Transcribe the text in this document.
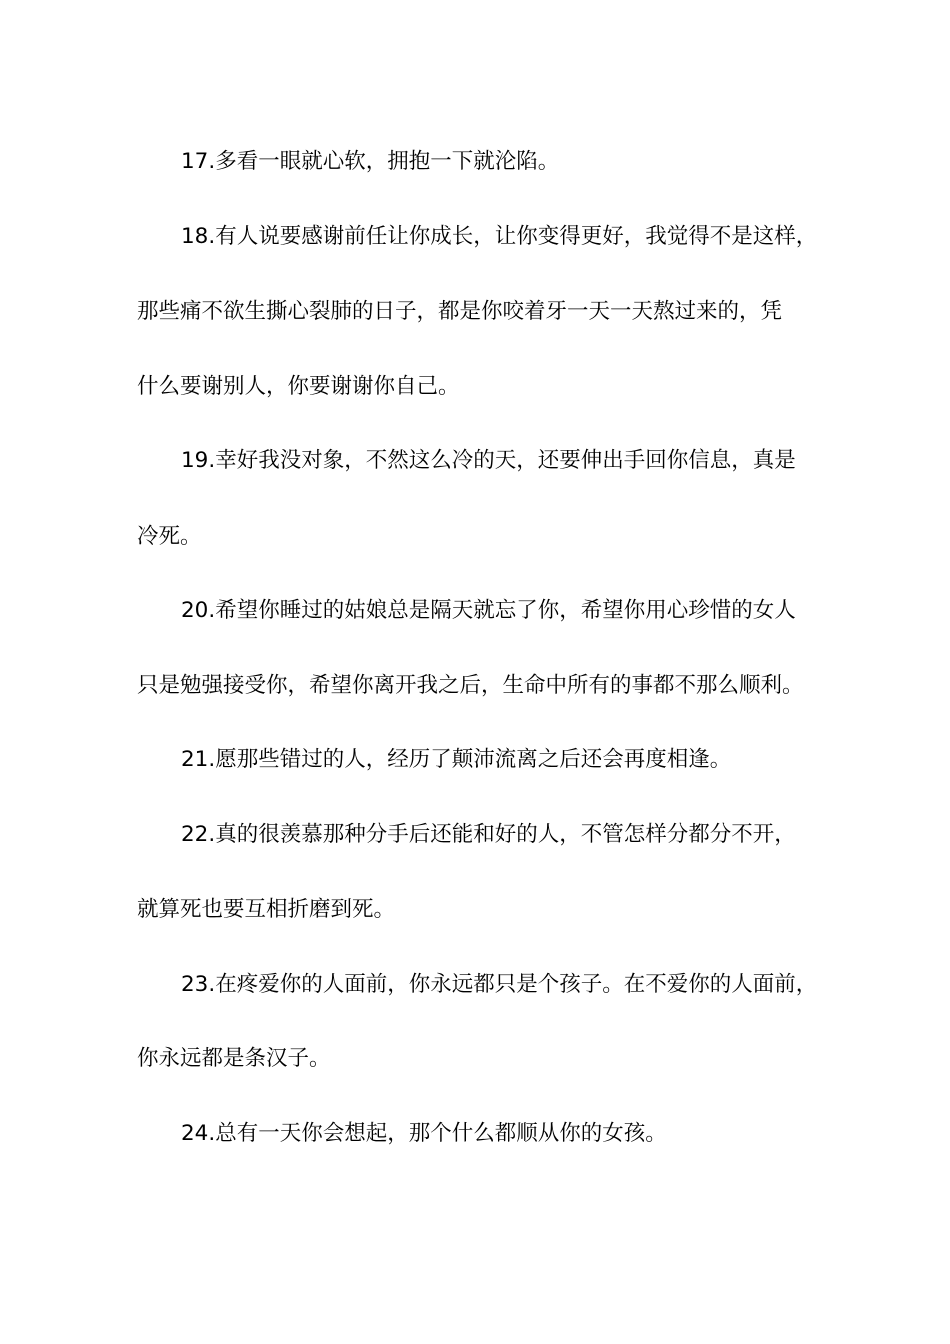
17.多看一眼就心软，拥抱一下就沦陷。
18.有人说要感谢前任让你成长，让你变得更好，我觉得不是这样，
那些痛不欲生撕心裂肺的日子，都是你咬着牙一天一天熬过来的，凭
什么要谢别人，你要谢谢你自己。
19.幸好我没对象，不然这么冷的天，还要伸出手回你信息，真是
冷死。
20.希望你睡过的姑娘总是隔天就忘了你，希望你用心珍惜的女人
只是勉强接受你，希望你离开我之后，生命中所有的事都不那么顺利。
21.愿那些错过的人，经历了颠沛流离之后还会再度相逢。
22.真的很羡慕那种分手后还能和好的人，不管怎样分都分不开，
就算死也要互相折磨到死。
23.在疼爱你的人面前，你永远都只是个孩子。在不爱你的人面前，
你永远都是条汉子。
24.总有一天你会想起，那个什么都顺从你的女孩。
